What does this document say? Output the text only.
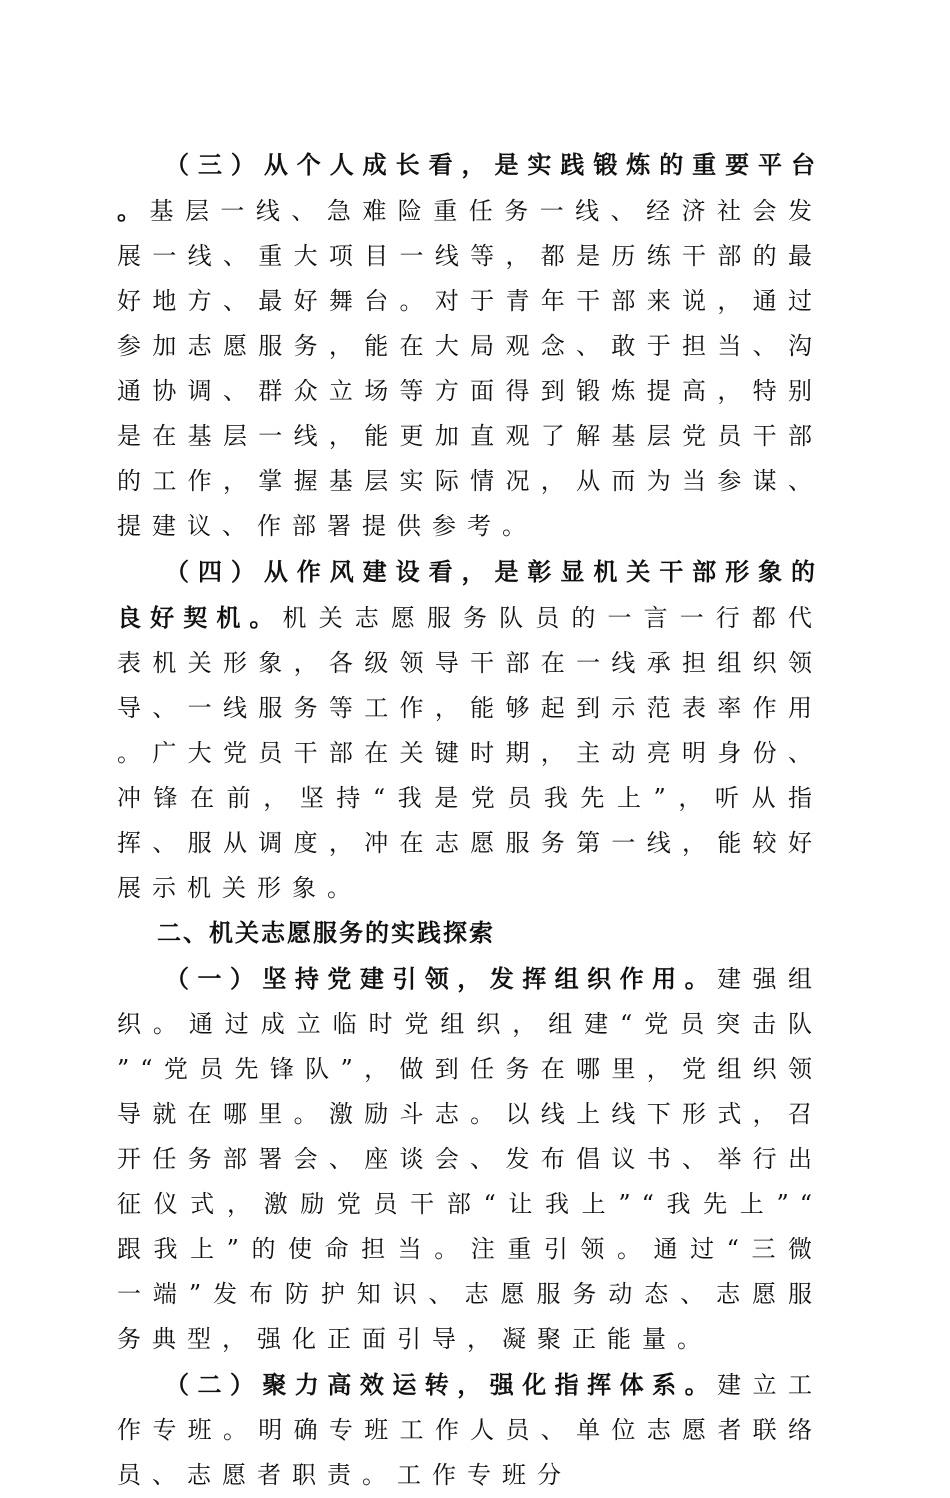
（三）从个人成长看，是实践锻炼的重要平台。基层一线、急难险重任务一线、经济社会发展一线、重大项目一线等，都是历练干部的最好地方、最好舞台。对于青年干部来说，通过参加志愿服务，能在大局观念、敢于担当、沟通协调、群众立场等方面得到锻炼提高，特别是在基层一线，能更加直观了解基层党员干部的工作，掌握基层实际情况，从而为当参谋、提建议、作部署提供参考。

（四）从作风建设看，是彰显机关干部形象的良好契机。机关志愿服务队员的一言一行都代表机关形象，各级领导干部在一线承担组织领导、一线服务等工作，能够起到示范表率作用。广大党员干部在关键时期，主动亮明身份、冲锋在前，坚持“我是党员我先上”，听从指挥、服从调度，冲在志愿服务第一线，能较好展示机关形象。

二、机关志愿服务的实践探索

（一）坚持党建引领，发挥组织作用。建强组织。通过成立临时党组织，组建“党员突击队”“党员先锋队”，做到任务在哪里，党组织领导就在哪里。激励斗志。以线上线下形式，召开任务部署会、座谈会、发布倡议书、举行出征仪式，激励党员干部“让我上”“我先上”“跟我上”的使命担当。注重引领。通过“三微一端”发布防护知识、志愿服务动态、志愿服务典型，强化正面引导，凝聚正能量。

（二）聚力高效运转，强化指挥体系。建立工作专班。明确专班工作人员、单位志愿者联络员、志愿者职责。工作专班分
